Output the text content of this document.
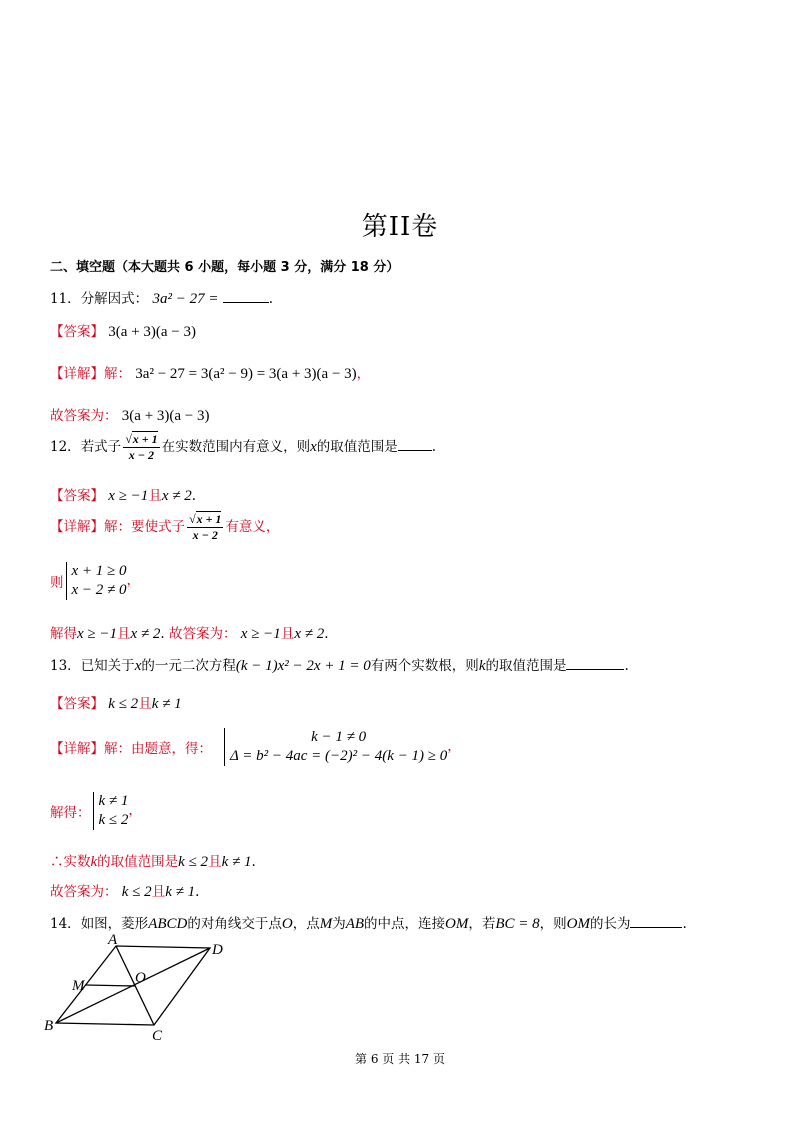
第II卷
二、填空题（本大题共 6 小题，每小题 3 分，满分 18 分）
11．分解因式： 3a² − 27 =	.
【答案】 3(a + 3)(a − 3)
【详解】解： 3a² − 27 = 3(a² − 9) = 3(a + 3)(a − 3)，
故答案为： 3(a + 3)(a − 3)
12．若式子 $\frac{√x + 1}{x - 2}$ 在实数范围内有意义，则x的取值范围是	.
【答案】 x ≥ −1且x ≠ 2.
【详解】解：要使式子 $\frac{√x + 1}{x - 2}$ 有意义，
则x + 1 ≥ 0
x − 2 ≠ 0，
解得x ≥ −1且x ≠ 2. 故答案为： x ≥ −1且x ≠ 2.
13．已知关于x的一元二次方程(k − 1)x² − 2x + 1 = 0有两个实数根，则k的取值范围是	.
【答案】 k ≤ 2且k ≠ 1
【详解】解：由题意，得：
k − 1 ≠ 0
Δ = b² − 4ac = (−2)² − 4(k − 1) ≥ 0，
解得：k ≠ 1
k ≤ 2，
∴实数k的取值范围是k ≤ 2且k ≠ 1.
故答案为： k ≤ 2且k ≠ 1.
14．如图，菱形ABCD的对角线交于点O，点M为AB的中点，连接OM，若BC = 8，则OM的长为	.
A
D
M	O
B
C
第 6 页 共 17 页
